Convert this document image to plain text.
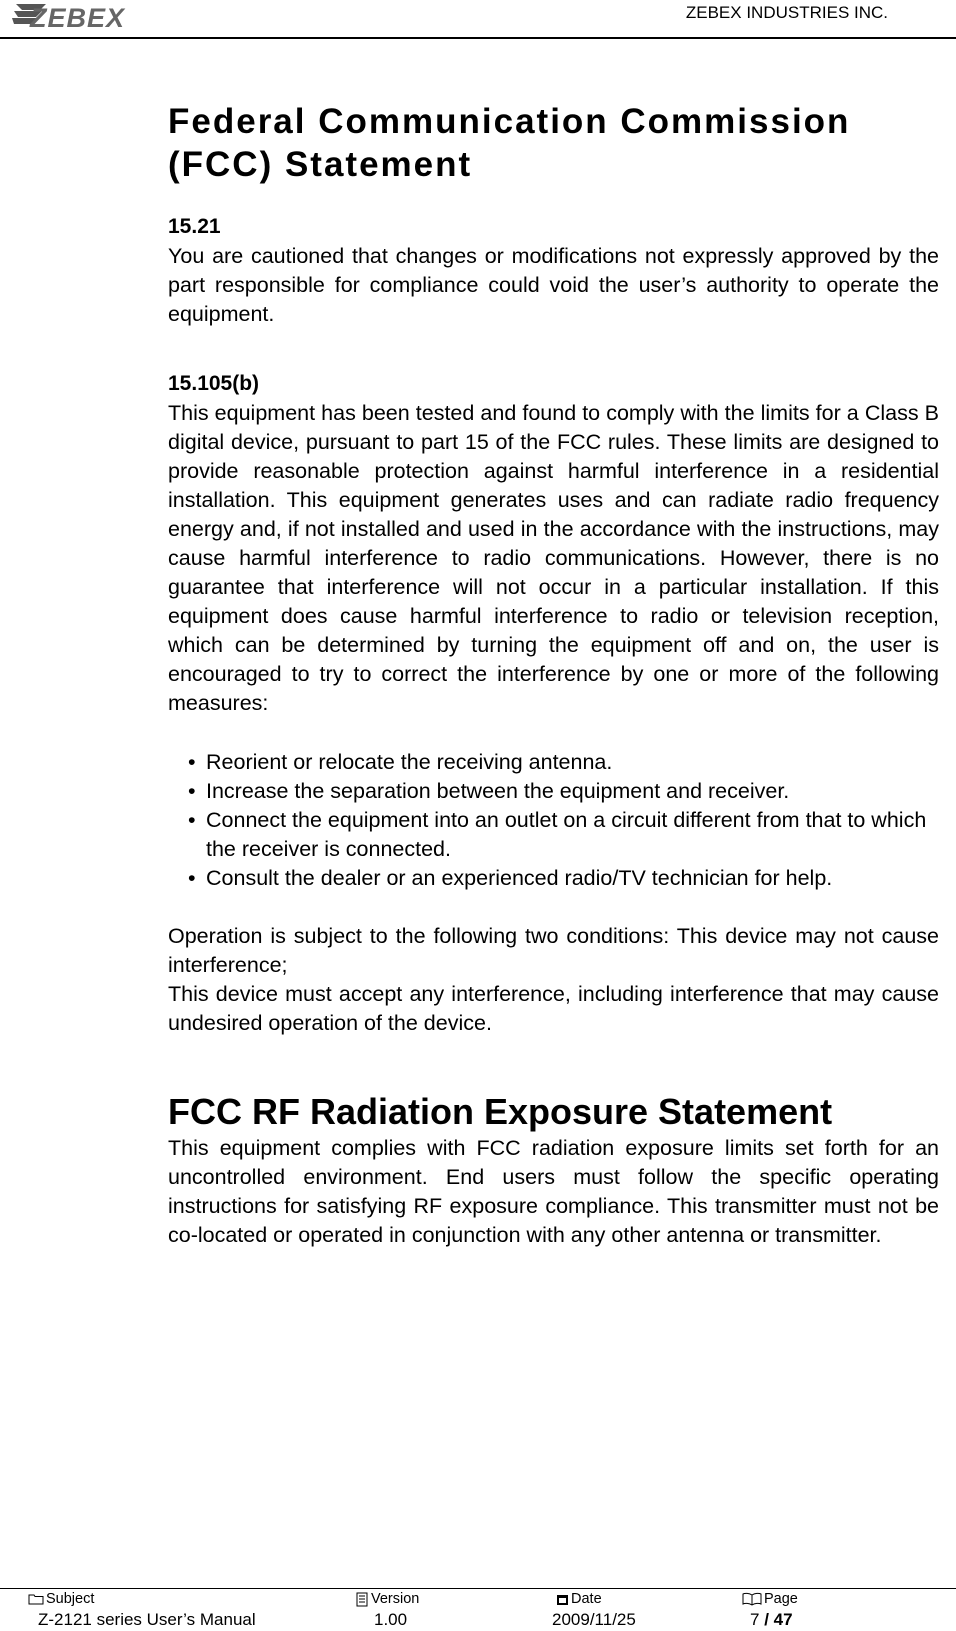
ZEBEX	ZEBEX INDUSTRIES INC.
Federal Communication Commission (FCC) Statement
15.21

You are cautioned that changes or modifications not expressly approved by the part responsible for compliance could void the user’s authority to operate the equipment.

15.105(b)

This equipment has been tested and found to comply with the limits for a Class B digital device, pursuant to part 15 of the FCC rules. These limits are designed to provide reasonable protection against harmful interference in a residential installation. This equipment generates uses and can radiate radio frequency energy and, if not installed and used in the accordance with the instructions, may cause harmful interference to radio communications. However, there is no guarantee that interference will not occur in a particular installation. If this equipment does cause harmful interference to radio or television reception, which can be determined by turning the equipment off and on, the user is encouraged to try to correct the interference by one or more of the following measures:

• Reorient or relocate the receiving antenna.
• Increase the separation between the equipment and receiver.
• Connect the equipment into an outlet on a circuit different from that to which the receiver is connected.
• Consult the dealer or an experienced radio/TV technician for help.

Operation is subject to the following two conditions: This device may not cause interference;

This device must accept any interference, including interference that may cause undesired operation of the device.

FCC RF Radiation Exposure Statement

This equipment complies with FCC radiation exposure limits set forth for an uncontrolled environment. End users must follow the specific operating instructions for satisfying RF exposure compliance. This transmitter must not be co-located or operated in conjunction with any other antenna or transmitter.

Subject
Z-2121 series User’s Manual
Version
1.00
Date
2009/11/25
Page
7 / 47
